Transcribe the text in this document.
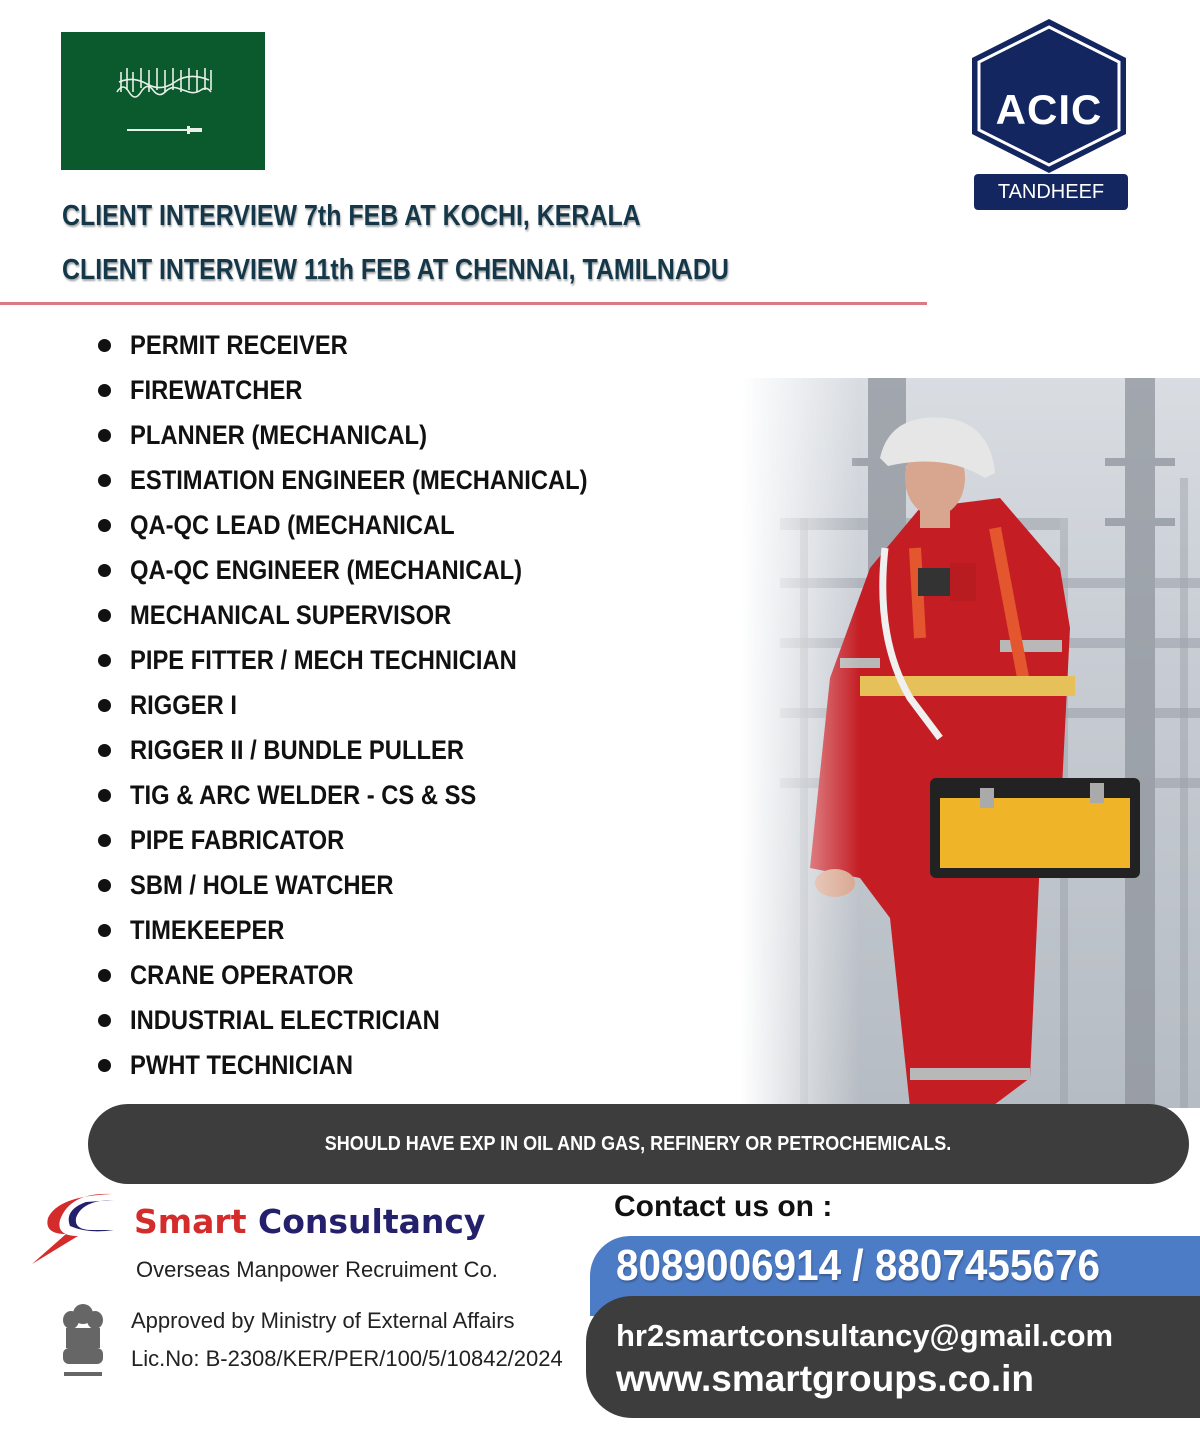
ACIC
TANDHEEF
CLIENT INTERVIEW 7th FEB AT KOCHI, KERALA
CLIENT INTERVIEW 11th FEB AT CHENNAI, TAMILNADU
PERMIT RECEIVER
FIREWATCHER
PLANNER (MECHANICAL)
ESTIMATION ENGINEER (MECHANICAL)
QA-QC LEAD (MECHANICAL
QA-QC ENGINEER (MECHANICAL)
MECHANICAL SUPERVISOR
PIPE FITTER / MECH TECHNICIAN
RIGGER I
RIGGER II / BUNDLE PULLER
TIG & ARC WELDER - CS & SS
PIPE FABRICATOR
SBM / HOLE WATCHER
TIMEKEEPER
CRANE OPERATOR
INDUSTRIAL ELECTRICIAN
PWHT TECHNICIAN
SHOULD HAVE EXP IN OIL AND GAS, REFINERY OR PETROCHEMICALS.
Smart Consultancy
Overseas Manpower Recruiment Co.
Approved by Ministry of External Affairs
Lic.No: B-2308/KER/PER/100/5/10842/2024
Contact us on :
8089006914 / 8807455676
hr2smartconsultancy@gmail.com
www.smartgroups.co.in
